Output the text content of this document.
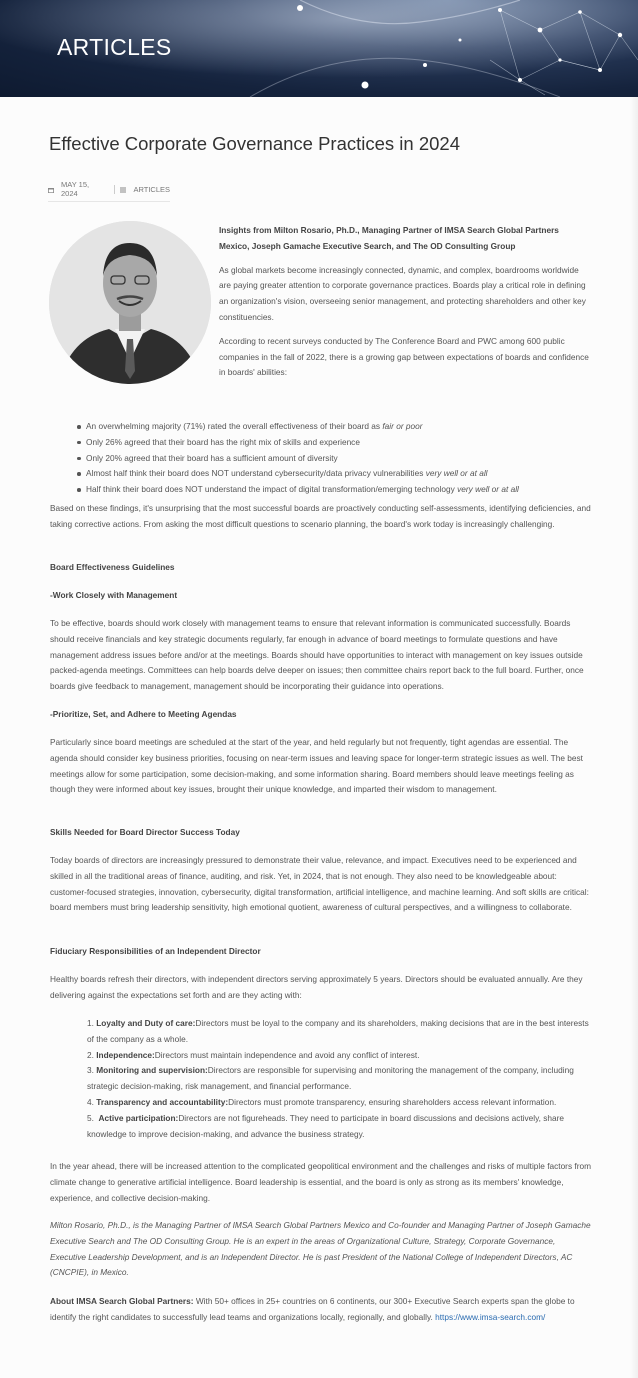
ARTICLES
Effective Corporate Governance Practices in 2024
MAY 15, 2024	ARTICLES

Insights from Milton Rosario, Ph.D., Managing Partner of IMSA Search Global Partners Mexico, Joseph Gamache Executive Search, and The OD Consulting Group

As global markets become increasingly connected, dynamic, and complex, boardrooms worldwide are paying greater attention to corporate governance practices. Boards play a critical role in defining an organization's vision, overseeing senior management, and protecting shareholders and other key constituencies.

According to recent surveys conducted by The Conference Board and PWC among 600 public companies in the fall of 2022, there is a growing gap between expectations of boards and confidence in boards' abilities:

An overwhelming majority (71%) rated the overall effectiveness of their board as fair or poor
Only 26% agreed that their board has the right mix of skills and experience
Only 20% agreed that their board has a sufficient amount of diversity
Almost half think their board does NOT understand cybersecurity/data privacy vulnerabilities very well or at all
Half think their board does NOT understand the impact of digital transformation/emerging technology very well or at all

Based on these findings, it's unsurprising that the most successful boards are proactively conducting self-assessments, identifying deficiencies, and taking corrective actions. From asking the most difficult questions to scenario planning, the board's work today is increasingly challenging.

Board Effectiveness Guidelines

-Work Closely with Management

To be effective, boards should work closely with management teams to ensure that relevant information is communicated successfully. Boards should receive financials and key strategic documents regularly, far enough in advance of board meetings to formulate questions and have management address issues before and/or at the meetings. Boards should have opportunities to interact with management on key issues outside packed-agenda meetings. Committees can help boards delve deeper on issues; then committee chairs report back to the full board. Further, once boards give feedback to management, management should be incorporating their guidance into operations.

-Prioritize, Set, and Adhere to Meeting Agendas

Particularly since board meetings are scheduled at the start of the year, and held regularly but not frequently, tight agendas are essential. The agenda should consider key business priorities, focusing on near-term issues and leaving space for longer-term strategic issues as well. The best meetings allow for some participation, some decision-making, and some information sharing. Board members should leave meetings feeling as though they were informed about key issues, brought their unique knowledge, and imparted their wisdom to management.

Skills Needed for Board Director Success Today

Today boards of directors are increasingly pressured to demonstrate their value, relevance, and impact. Executives need to be experienced and skilled in all the traditional areas of finance, auditing, and risk. Yet, in 2024, that is not enough. They also need to be knowledgeable about: customer-focused strategies, innovation, cybersecurity, digital transformation, artificial intelligence, and machine learning. And soft skills are critical: board members must bring leadership sensitivity, high emotional quotient, awareness of cultural perspectives, and a willingness to collaborate.

Fiduciary Responsibilities of an Independent Director

Healthy boards refresh their directors, with independent directors serving approximately 5 years. Directors should be evaluated annually. Are they delivering against the expectations set forth and are they acting with:

1. Loyalty and Duty of care:Directors must be loyal to the company and its shareholders, making decisions that are in the best interests of the company as a whole.
2. Independence:Directors must maintain independence and avoid any conflict of interest.
3. Monitoring and supervision:Directors are responsible for supervising and monitoring the management of the company, including strategic decision-making, risk management, and financial performance.
4. Transparency and accountability:Directors must promote transparency, ensuring shareholders access relevant information.
5. Active participation:Directors are not figureheads. They need to participate in board discussions and decisions actively, share knowledge to improve decision-making, and advance the business strategy.

In the year ahead, there will be increased attention to the complicated geopolitical environment and the challenges and risks of multiple factors from climate change to generative artificial intelligence. Board leadership is essential, and the board is only as strong as its members' knowledge, experience, and collective decision-making.

Milton Rosario, Ph.D., is the Managing Partner of IMSA Search Global Partners Mexico and Co-founder and Managing Partner of Joseph Gamache Executive Search and The OD Consulting Group. He is an expert in the areas of Organizational Culture, Strategy, Corporate Governance, Executive Leadership Development, and is an Independent Director. He is past President of the National College of Independent Directors, AC (CNCPIE), in Mexico.

About IMSA Search Global Partners: With 50+ offices in 25+ countries on 6 continents, our 300+ Executive Search experts span the globe to identify the right candidates to successfully lead teams and organizations locally, regionally, and globally. https://www.imsa-search.com/
